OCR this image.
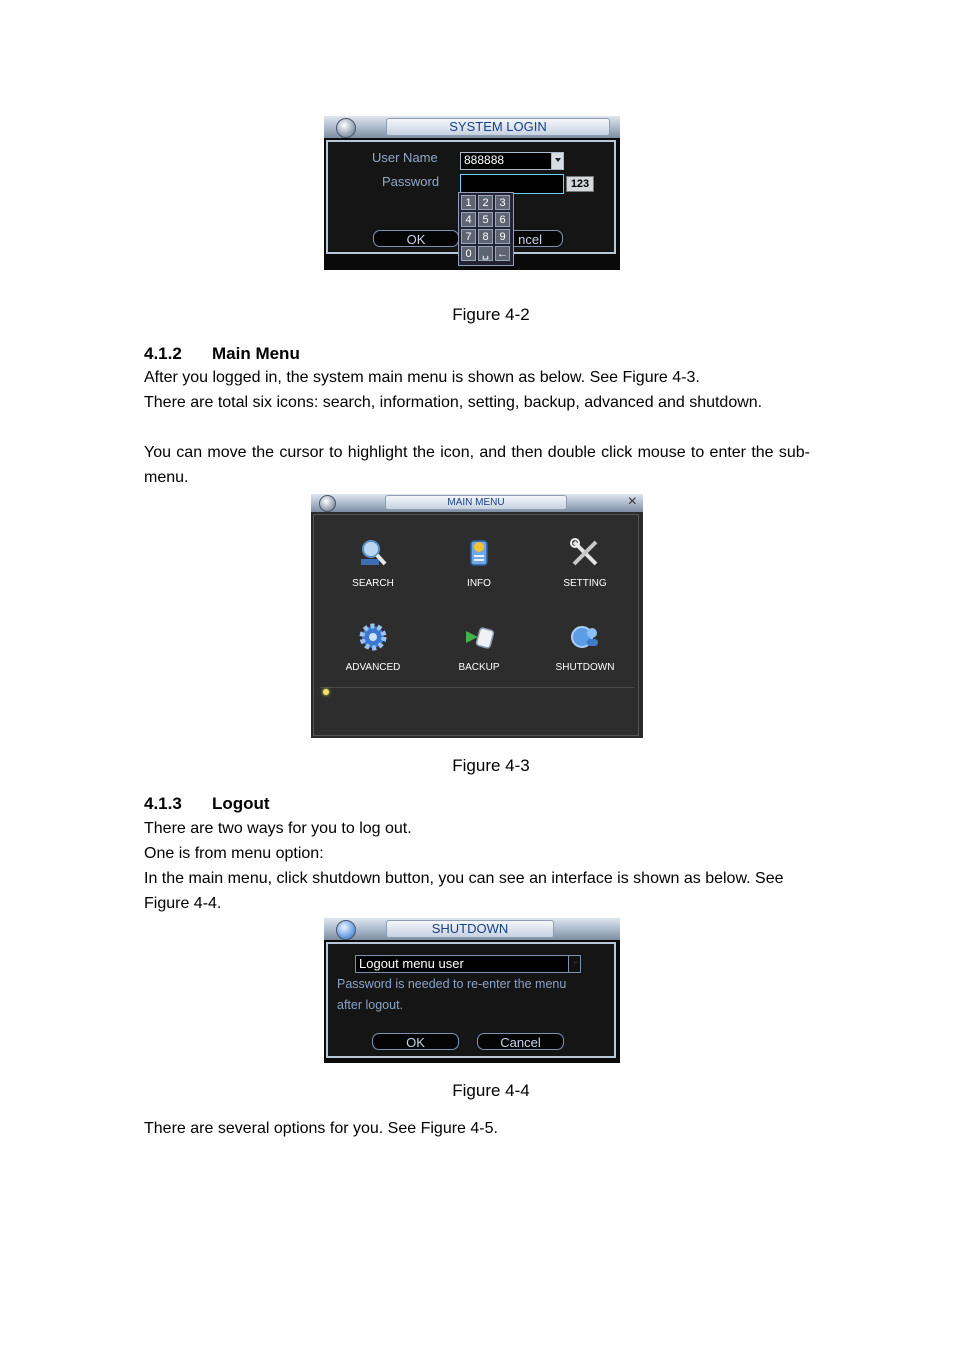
SYSTEM LOGIN
User Name	888888
Password	123
OK	ncel
1 2 3
4 5 6
7 8 9
0 ␣ ←
Figure 4-2
4.1.2 Main Menu
After you logged in, the system main menu is shown as below. See Figure 4-3.
There are total six icons: search, information, setting, backup, advanced and shutdown.
You can move the cursor to highlight the icon, and then double click mouse to enter the sub-menu.
MAIN MENU	×
SEARCH	INFO	SETTING
ADVANCED	BACKUP	SHUTDOWN
Figure 4-3
4.1.3 Logout
There are two ways for you to log out.
One is from menu option:
In the main menu, click shutdown button, you can see an interface is shown as below. See Figure 4-4.
SHUTDOWN
Logout menu user
Password is needed to re-enter the menu
after logout.
OK	Cancel
Figure 4-4
There are several options for you. See Figure 4-5.
